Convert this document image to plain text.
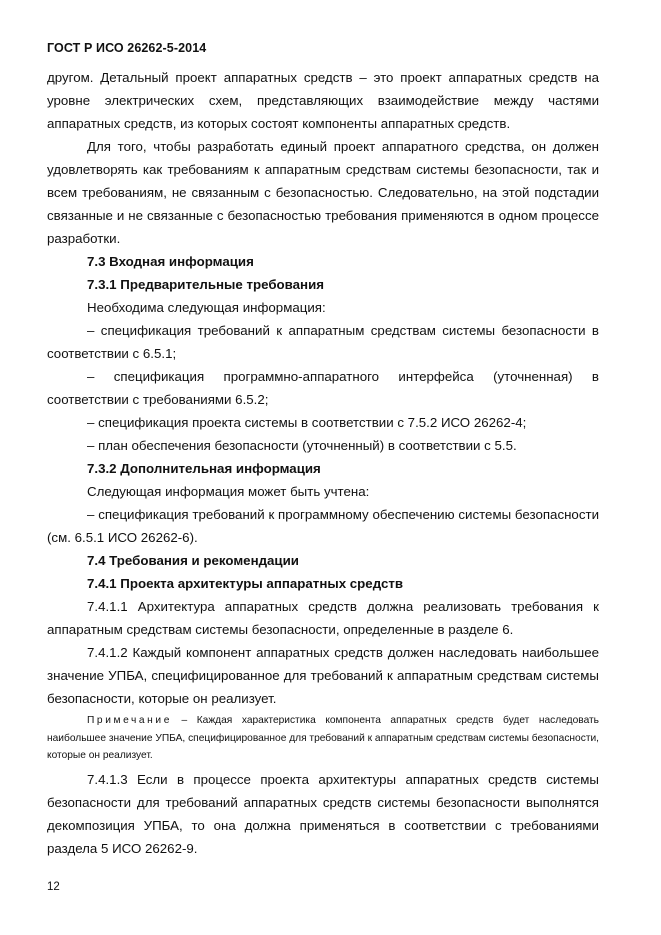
ГОСТ Р ИСО 26262-5-2014

другом. Детальный проект аппаратных средств – это проект аппаратных средств на

уровне электрических схем, представляющих взаимодействие между частями

аппаратных средств, из которых состоят компоненты аппаратных средств.

Для того, чтобы разработать единый проект аппаратного средства, он должен удовлетворять как требованиям к аппаратным средствам системы безопасности, так и всем требованиям, не связанным с безопасностью. Следовательно, на этой подстадии связанные и не связанные с безопасностью требования применяются в одном процессе разработки.

7.3 Входная информация

7.3.1 Предварительные требования

Необходима следующая информация:

– спецификация требований к аппаратным средствам системы безопасности в соответствии с 6.5.1;

– спецификация программно-аппаратного интерфейса (уточненная) в соответствии с требованиями 6.5.2;

– спецификация проекта системы в соответствии с 7.5.2 ИСО 26262-4;

– план обеспечения безопасности (уточненный) в соответствии с 5.5.

7.3.2 Дополнительная информация

Следующая информация может быть учтена:

– спецификация требований к программному обеспечению системы безопасности (см. 6.5.1 ИСО 26262-6).

7.4 Требования и рекомендации

7.4.1 Проекта архитектуры аппаратных средств

7.4.1.1 Архитектура аппаратных средств должна реализовать требования к аппаратным средствам системы безопасности, определенные в разделе 6.

7.4.1.2 Каждый компонент аппаратных средств должен наследовать наибольшее значение УПБА, специфицированное для требований к аппаратным средствам системы безопасности, которые он реализует.

Примечание – Каждая характеристика компонента аппаратных средств будет наследовать наибольшее значение УПБА, специфицированное для требований к аппаратным средствам системы безопасности, которые он реализует.

7.4.1.3 Если в процессе проекта архитектуры аппаратных средств системы безопасности для требований аппаратных средств системы безопасности выполнятся декомпозиция УПБА, то она должна применяться в соответствии с требованиями раздела 5 ИСО 26262-9.

12
